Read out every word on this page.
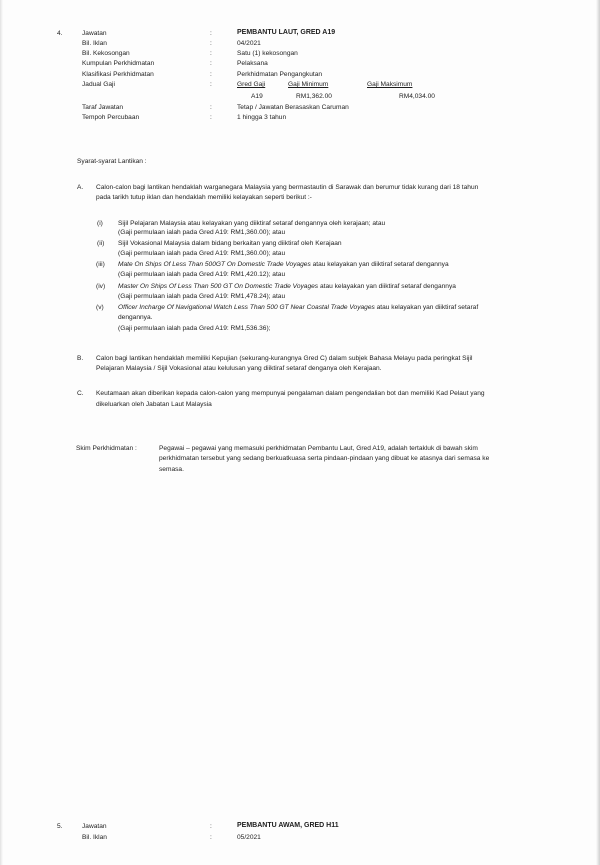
4.	Jawatan	:	PEMBANTU LAUT, GRED A19
Bil. Iklan	:	04/2021
Bil. Kekosongan	:	Satu (1) kekosongan
Kumpulan Perkhidmatan	:	Pelaksana
Klasifikasi Perkhidmatan	:	Perkhidmatan Pengangkutan
Jadual Gaji	:	Gred Gaji	Gaji Minimum	Gaji Maksimum
A19	RM1,362.00	RM4,034.00
Taraf Jawatan	:	Tetap / Jawatan Berasaskan Caruman
Tempoh Percubaan	:	1 hingga 3 tahun
Syarat-syarat Lantikan :
A. Calon-calon bagi lantikan hendaklah warganegara Malaysia yang bermastautin di Sarawak dan berumur tidak kurang dari 18 tahun
pada tarikh tutup iklan dan hendaklah memiliki kelayakan seperti berikut :-
(i) Sijil Pelajaran Malaysia atau kelayakan yang diiktiraf setaraf dengannya oleh kerajaan; atau
(Gaji permulaan ialah pada Gred A19: RM1,360.00); atau
(ii) Sijil Vokasional Malaysia dalam bidang berkaitan yang diiktiraf oleh Kerajaan
(Gaji permulaan ialah pada Gred A19: RM1,360.00); atau
(iii) Mate On Ships Of Less Than 500GT On Domestic Trade Voyages atau kelayakan yan diiktiraf setaraf dengannya
(Gaji permulaan ialah pada Gred A19: RM1,420.12); atau
(iv) Master On Ships Of Less Than 500 GT On Domestic Trade Voyages atau kelayakan yan diiktiraf setaraf dengannya
(Gaji permulaan ialah pada Gred A19: RM1,478.24); atau
(v) Officer Incharge Of Navigational Watch Less Than 500 GT Near Coastal Trade Voyages atau kelayakan yan diiktiraf setaraf
dengannya.
(Gaji permulaan ialah pada Gred A19: RM1,536.36);
B. Calon bagi lantikan hendaklah memiliki Kepujian (sekurang-kurangnya Gred C) dalam subjek Bahasa Melayu pada peringkat Sijil
Pelajaran Malaysia / Sijil Vokasional atau kelulusan yang diiktiraf setaraf denganya oleh Kerajaan.
C. Keutamaan akan diberikan kepada calon-calon yang mempunyai pengalaman dalam pengendalian bot dan memiliki Kad Pelaut yang
dikeluarkan oleh Jabatan Laut Malaysia
Skim Perkhidmatan :	Pegawai – pegawai yang memasuki perkhidmatan Pembantu Laut, Gred A19, adalah tertakluk di bawah skim
perkhidmatan tersebut yang sedang berkuatkuasa serta pindaan-pindaan yang dibuat ke atasnya dari semasa ke
semasa.
5.	Jawatan	:	PEMBANTU AWAM, GRED H11
Bil. Iklan	:	05/2021
